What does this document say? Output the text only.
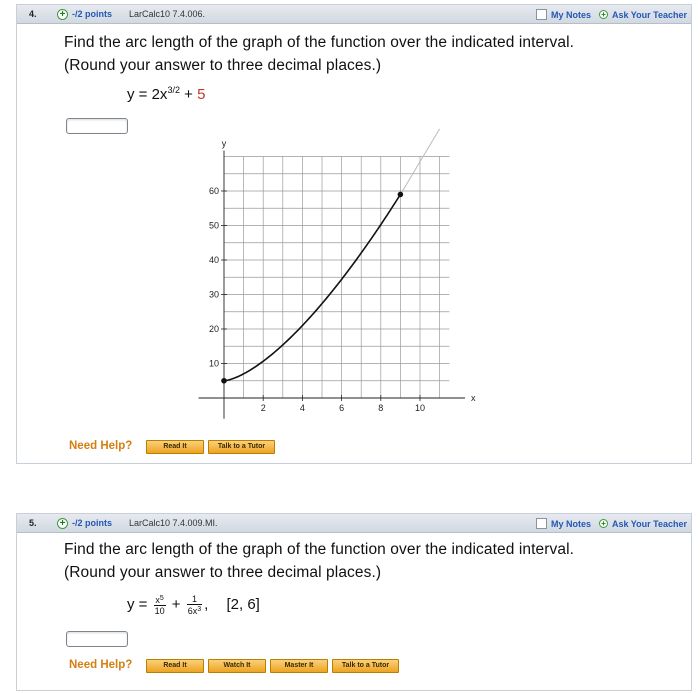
4. + -/2 points LarCalc10 7.4.006.	My Notes + Ask Your Teacher
Find the arc length of the graph of the function over the indicated interval.
(Round your answer to three decimal places.)
$y = 2x^{3/2} + 5$
2	4	6	8	10
10
20
30
40
50
60
x
y
Need Help?	Read It	Talk to a Tutor
5. + -/2 points LarCalc10 7.4.009.MI.	My Notes + Ask Your Teacher
Find the arc length of the graph of the function over the indicated interval.
(Round your answer to three decimal places.)
$y = \frac{x^5}{10} + \frac{1}{6x^3}$ , [2, 6]
Need Help?	Read It	Watch It	Master It	Talk to a Tutor
